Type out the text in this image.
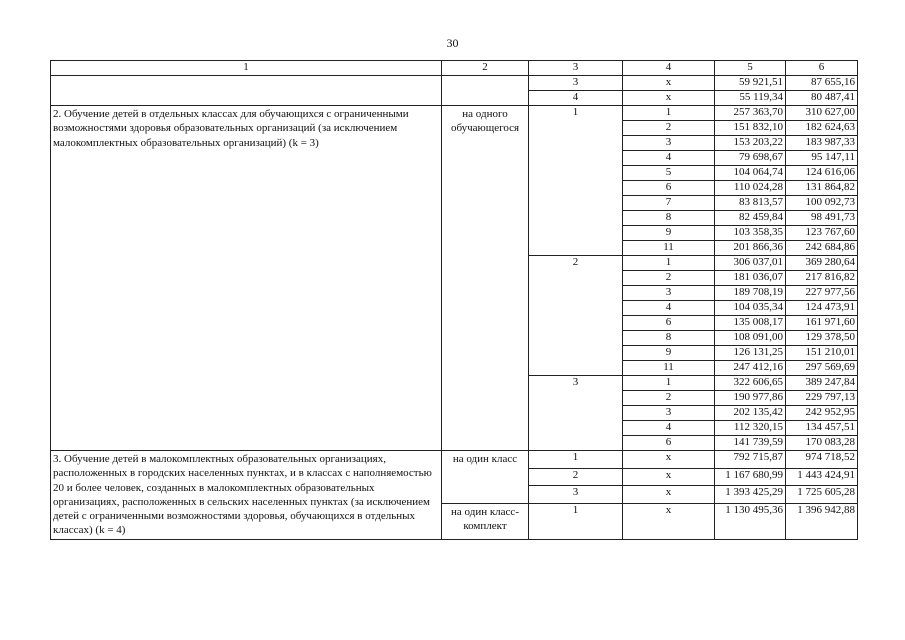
30
1	2	3	4	5	6
		3	x	59 921,51	87 655,16
		4	x	55 119,34	80 487,41
2. Обучение детей в отдельных классах для обучающихся с ограниченными возможностями здоровья образовательных организаций (за исключением малокомплектных образовательных организаций) (k = 3)	на одного обучающегося	1	1	257 363,70	310 627,00
			2	151 832,10	182 624,63
			3	153 203,22	183 987,33
			4	79 698,67	95 147,11
			5	104 064,74	124 616,06
			6	110 024,28	131 864,82
			7	83 813,57	100 092,73
			8	82 459,84	98 491,73
			9	103 358,35	123 767,60
			11	201 866,36	242 684,86
		2	1	306 037,01	369 280,64
			2	181 036,07	217 816,82
			3	189 708,19	227 977,56
			4	104 035,34	124 473,91
			6	135 008,17	161 971,60
			8	108 091,00	129 378,50
			9	126 131,25	151 210,01
			11	247 412,16	297 569,69
		3	1	322 606,65	389 247,84
			2	190 977,86	229 797,13
			3	202 135,42	242 952,95
			4	112 320,15	134 457,51
			6	141 739,59	170 083,28
3. Обучение детей в малокомплектных образовательных организациях, расположенных в городских населенных пунктах, и в классах с наполняемостью 20 и более человек, созданных в малокомплектных образовательных организациях, расположенных в сельских населенных пунктах (за исключением детей с ограниченными возможностями здоровья, обучающихся в отдельных классах) (k = 4)	на один класс	1	x	792 715,87	974 718,52
		2	x	1 167 680,99	1 443 424,91
		3	x	1 393 425,29	1 725 605,28
	на один класс-комплект	1	x	1 130 495,36	1 396 942,88
